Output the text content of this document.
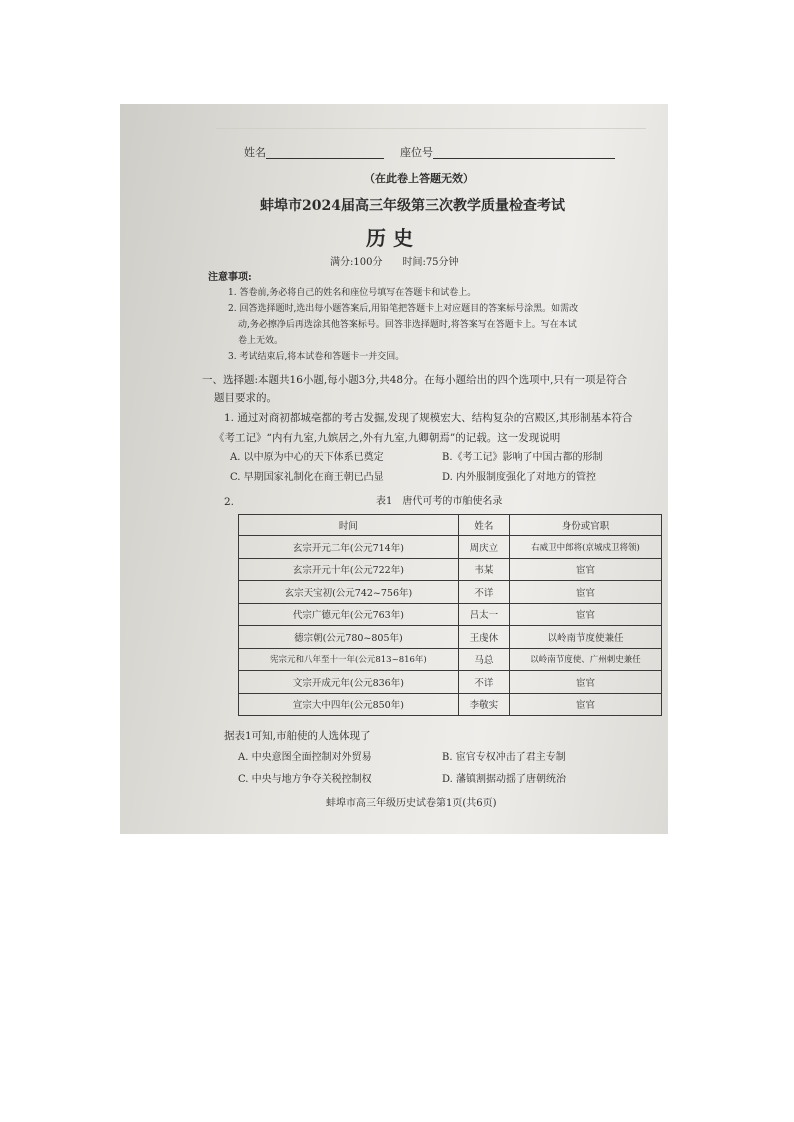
姓名	座位号
（在此卷上答题无效）
蚌埠市2024届高三年级第三次教学质量检查考试
历 史
满分:100分　　时间:75分钟
注意事项:
1. 答卷前,务必将自己的姓名和座位号填写在答题卡和试卷上。
2. 回答选择题时,选出每小题答案后,用铅笔把答题卡上对应题目的答案标号涂黑。如需改
动,务必擦净后再选涂其他答案标号。回答非选择题时,将答案写在答题卡上。写在本试
卷上无效。
3. 考试结束后,将本试卷和答题卡一并交回。
一、选择题:本题共16小题,每小题3分,共48分。在每小题给出的四个选项中,只有一项是符合
题目要求的。
1. 通过对商初都城亳都的考古发掘,发现了规模宏大、结构复杂的宫殿区,其形制基本符合
《考工记》“内有九室,九嫔居之,外有九室,九卿朝焉”的记载。这一发现说明
A. 以中原为中心的天下体系已奠定	B.《考工记》影响了中国古都的形制
C. 早期国家礼制化在商王朝已凸显	D. 内外服制度强化了对地方的管控
2.	表1　唐代可考的市舶使名录
时间	姓名	身份或官职
玄宗开元二年(公元714年)	周庆立	右威卫中郎将(京城戍卫将领)
玄宗开元十年(公元722年)	韦某	宦官
玄宗天宝初(公元742~756年)	不详	宦官
代宗广德元年(公元763年)	吕太一	宦官
德宗朝(公元780~805年)	王虔休	以岭南节度使兼任
宪宗元和八年至十一年(公元813~816年)	马总	以岭南节度使、广州刺史兼任
文宗开成元年(公元836年)	不详	宦官
宣宗大中四年(公元850年)	李敬实	宦官
据表1可知,市舶使的人选体现了
A. 中央意图全面控制对外贸易	B. 宦官专权冲击了君主专制
C. 中央与地方争夺关税控制权	D. 藩镇割据动摇了唐朝统治
蚌埠市高三年级历史试卷第1页(共6页)
